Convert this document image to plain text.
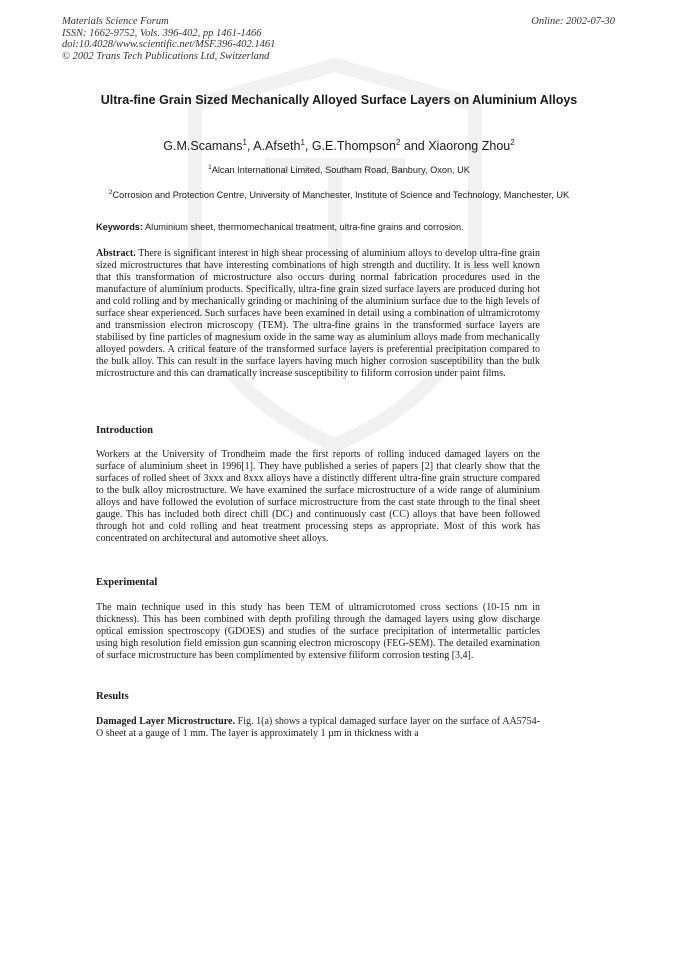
Materials Science Forum
ISSN: 1662-9752, Vols. 396-402, pp 1461-1466
doi:10.4028/www.scientific.net/MSF.396-402.1461
© 2002 Trans Tech Publications Ltd, Switzerland
Online: 2002-07-30
Ultra-fine Grain Sized Mechanically Alloyed Surface Layers on Aluminium Alloys
G.M.Scamans$^1$, A.Afseth$^1$, G.E.Thompson$^2$ and Xiaorong Zhou$^2$
$^1$Alcan International Limited, Southam Road, Banbury, Oxon, UK
$^2$Corrosion and Protection Centre, University of Manchester, Institute of Science and Technology, Manchester, UK
Keywords: Aluminium sheet, thermomechanical treatment, ultra-fine grains and corrosion.
Abstract. There is significant interest in high shear processing of aluminium alloys to develop ultra-fine grain sized microstructures that have interesting combinations of high strength and ductility. It is less well known that this transformation of microstructure also occurs during normal fabrication procedures used in the manufacture of aluminium products. Specifically, ultra-fine grain sized surface layers are produced during hot and cold rolling and by mechanically grinding or machining of the aluminium surface due to the high levels of surface shear experienced. Such surfaces have been examined in detail using a combination of ultramicrotomy and transmission electron microscopy (TEM). The ultra-fine grains in the transformed surface layers are stabilised by fine particles of magnesium oxide in the same way as aluminium alloys made from mechanically alloyed powders. A critical feature of the transformed surface layers is preferential precipitation compared to the bulk alloy. This can result in the surface layers having much higher corrosion susceptibility than the bulk microstructure and this can dramatically increase susceptibility to filiform corrosion under paint films.
Introduction
Workers at the University of Trondheim made the first reports of rolling induced damaged layers on the surface of aluminium sheet in 1996[1]. They have published a series of papers [2] that clearly show that the surfaces of rolled sheet of 3xxx and 8xxx alloys have a distinctly different ultra-fine grain structure compared to the bulk alloy microstructure. We have examined the surface microstructure of a wide range of aluminium alloys and have followed the evolution of surface microstructure from the cast state through to the final sheet gauge. This has included both direct chill (DC) and continuously cast (CC) alloys that have been followed through hot and cold rolling and heat treatment processing steps as appropriate. Most of this work has concentrated on architectural and automotive sheet alloys.
Experimental
The main technique used in this study has been TEM of ultramicrotomed cross sections (10-15 nm in thickness). This has been combined with depth profiling through the damaged layers using glow discharge optical emission spectroscopy (GDOES) and studies of the surface precipitation of intermetallic particles using high resolution field emission gun scanning electron microscopy (FEG-SEM). The detailed examination of surface microstructure has been complimented by extensive filiform corrosion testing [3,4].
Results
Damaged Layer Microstructure. Fig. 1(a) shows a typical damaged surface layer on the surface of AA5754-O sheet at a gauge of 1 mm. The layer is approximately 1 µm in thickness with a
